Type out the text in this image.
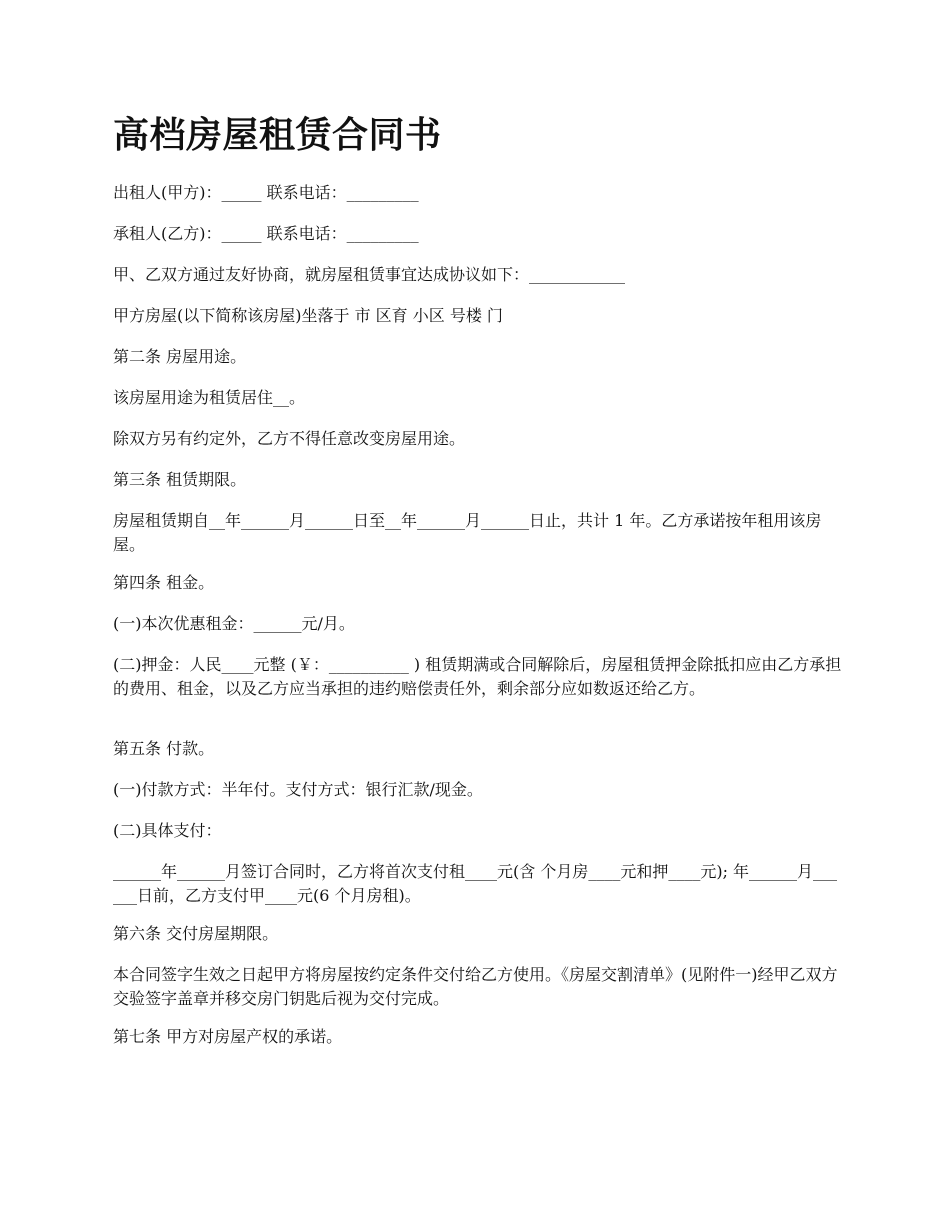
高档房屋租赁合同书

出租人(甲方)：_____ 联系电话：_________

承租人(乙方)：_____ 联系电话：_________

甲、乙双方通过友好协商，就房屋租赁事宜达成协议如下：____________

甲方房屋(以下简称该房屋)坐落于 市 区育 小区 号楼 门

第二条 房屋用途。

该房屋用途为租赁居住__。

除双方另有约定外，乙方不得任意改变房屋用途。

第三条 租赁期限。

房屋租赁期自__年______月______日至__年______月______日止，共计 1 年。乙方承诺按年租用该房屋。

第四条 租金。

(一)本次优惠租金：______元/月。

(二)押金：人民____元整 (￥：__________ ) 租赁期满或合同解除后，房屋租赁押金除抵扣应由乙方承担的费用、租金，以及乙方应当承担的违约赔偿责任外，剩余部分应如数返还给乙方。

第五条 付款。

(一)付款方式：半年付。支付方式：银行汇款/现金。

(二)具体支付：

______年______月签订合同时，乙方将首次支付租____元(含 个月房____元和押____元); 年______月______日前，乙方支付甲____元(6 个月房租)。

第六条 交付房屋期限。

本合同签字生效之日起甲方将房屋按约定条件交付给乙方使用。《房屋交割清单》(见附件一)经甲乙双方交验签字盖章并移交房门钥匙后视为交付完成。

第七条 甲方对房屋产权的承诺。
